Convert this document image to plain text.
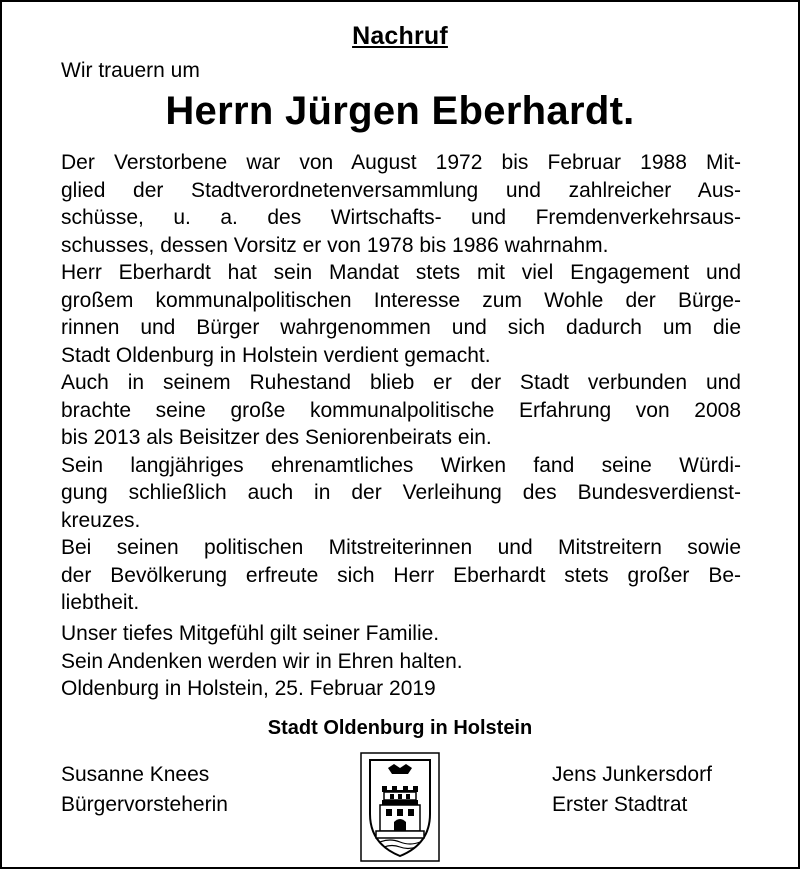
Nachruf
Wir trauern um
Herrn Jürgen Eberhardt.
Der Verstorbene war von August 1972 bis Februar 1988 Mit-
glied der Stadtverordnetenversammlung und zahlreicher Aus-
schüsse, u. a. des Wirtschafts- und Fremdenverkehrsaus-
schusses, dessen Vorsitz er von 1978 bis 1986 wahrnahm.
Herr Eberhardt hat sein Mandat stets mit viel Engagement und
großem kommunalpolitischen Interesse zum Wohle der Bürge-
rinnen und Bürger wahrgenommen und sich dadurch um die
Stadt Oldenburg in Holstein verdient gemacht.
Auch in seinem Ruhestand blieb er der Stadt verbunden und
brachte seine große kommunalpolitische Erfahrung von 2008
bis 2013 als Beisitzer des Seniorenbeirats ein.
Sein langjähriges ehrenamtliches Wirken fand seine Würdi-
gung schließlich auch in der Verleihung des Bundesverdienst-
kreuzes.
Bei seinen politischen Mitstreiterinnen und Mitstreitern sowie
der Bevölkerung erfreute sich Herr Eberhardt stets großer Be-
liebtheit.
Unser tiefes Mitgefühl gilt seiner Familie.
Sein Andenken werden wir in Ehren halten.
Oldenburg in Holstein, 25. Februar 2019
Stadt Oldenburg in Holstein
Susanne Knees
Bürgervorsteherin
Jens Junkersdorf
Erster Stadtrat
